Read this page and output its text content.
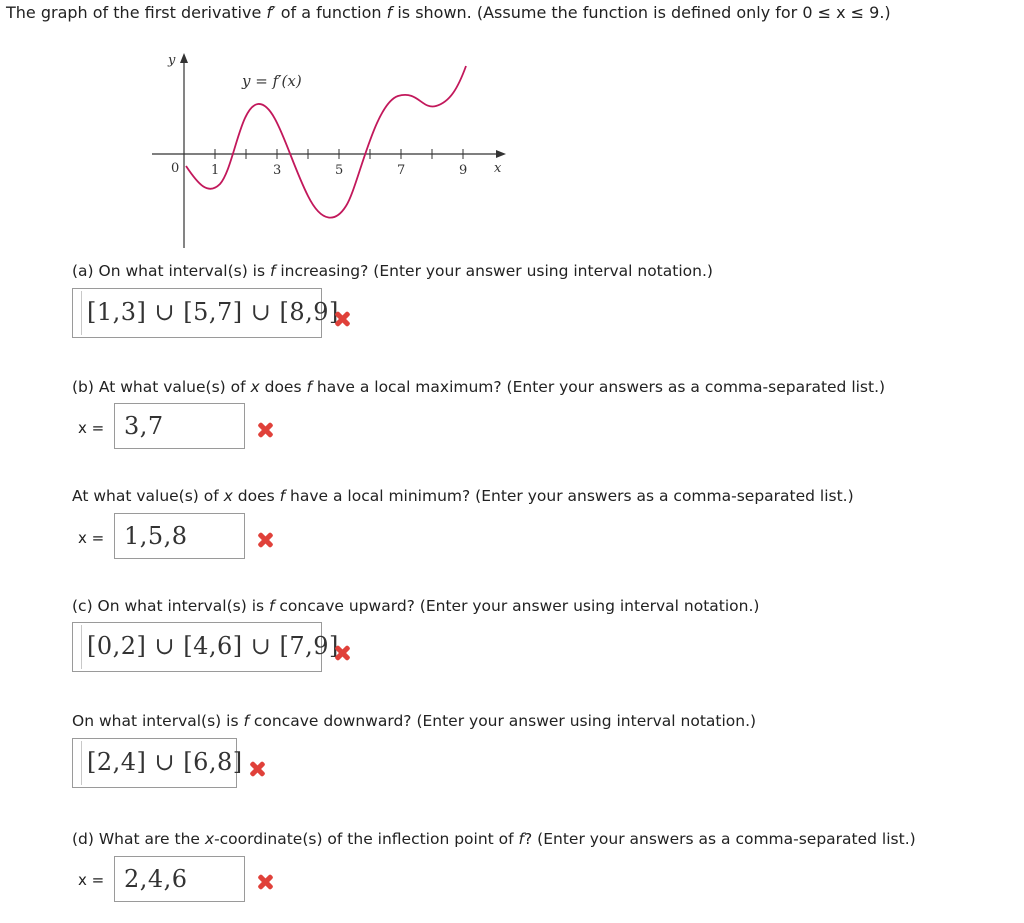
The graph of the first derivative f′ of a function f is shown. (Assume the function is defined only for 0 ≤ x ≤ 9.)
y
x
0 1	3	5	7	9
y = f′(x)
(a) On what interval(s) is f increasing? (Enter your answer using interval notation.)
[1,3] ∪ [5,7] ∪ [8,9]
(b) At what value(s) of x does f have a local maximum? (Enter your answers as a comma-separated list.)
x = 3,7
At what value(s) of x does f have a local minimum? (Enter your answers as a comma-separated list.)
x = 1,5,8
(c) On what interval(s) is f concave upward? (Enter your answer using interval notation.)
[0,2] ∪ [4,6] ∪ [7,9]
On what interval(s) is f concave downward? (Enter your answer using interval notation.)
[2,4] ∪ [6,8]
(d) What are the x-coordinate(s) of the inflection point of f? (Enter your answers as a comma-separated list.)
x = 2,4,6
